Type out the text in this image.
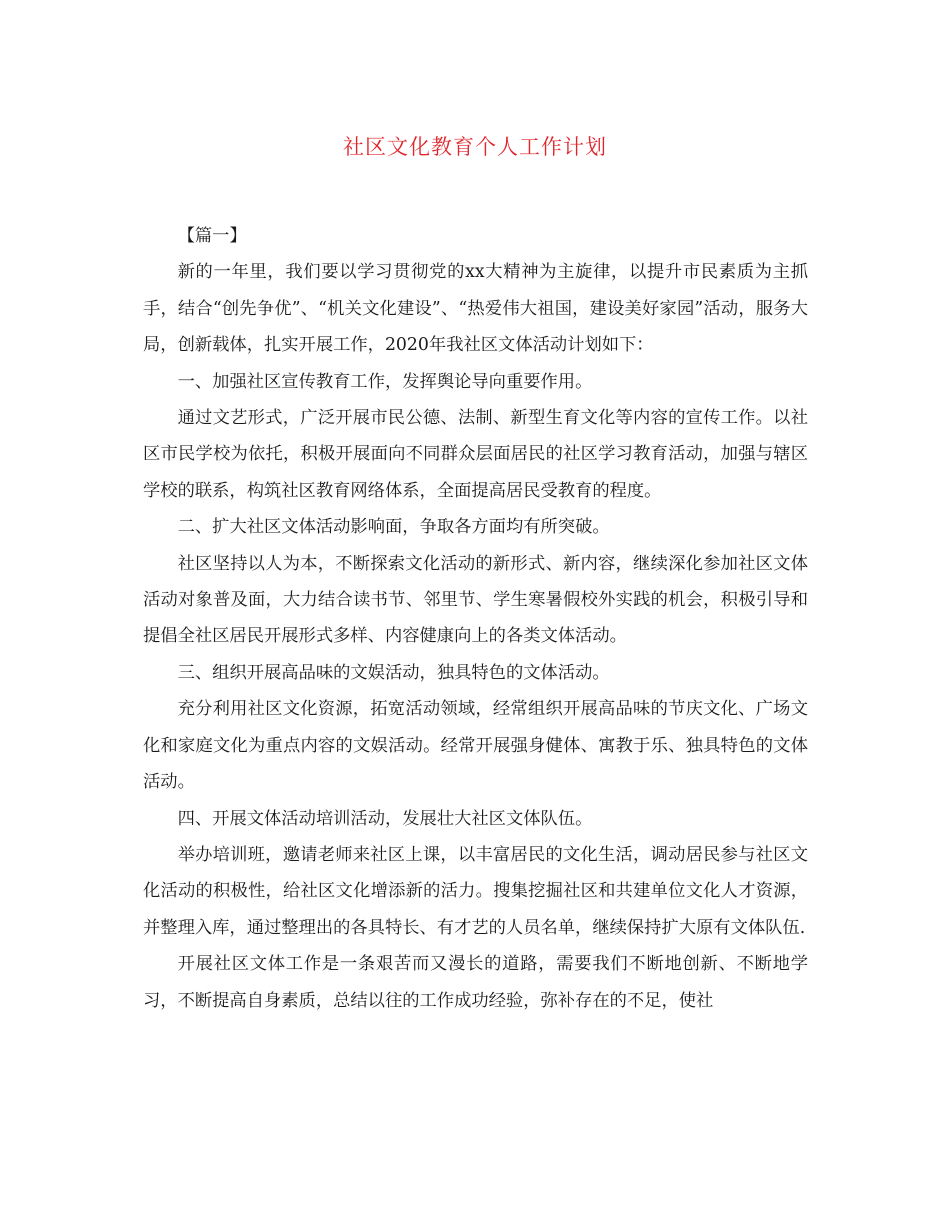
社区文化教育个人工作计划

【篇一】

新的一年里，我们要以学习贯彻党的xx大精神为主旋律，以提升市民素质为主抓手，结合“创先争优”、“机关文化建设”、“热爱伟大祖国，建设美好家园”活动，服务大局，创新载体，扎实开展工作，2020年我社区文体活动计划如下：

一、加强社区宣传教育工作，发挥舆论导向重要作用。

通过文艺形式，广泛开展市民公德、法制、新型生育文化等内容的宣传工作。以社区市民学校为依托，积极开展面向不同群众层面居民的社区学习教育活动，加强与辖区学校的联系，构筑社区教育网络体系，全面提高居民受教育的程度。

二、扩大社区文体活动影响面，争取各方面均有所突破。

社区坚持以人为本，不断探索文化活动的新形式、新内容，继续深化参加社区文体活动对象普及面，大力结合读书节、邻里节、学生寒暑假校外实践的机会，积极引导和提倡全社区居民开展形式多样、内容健康向上的各类文体活动。

三、组织开展高品味的文娱活动，独具特色的文体活动。

充分利用社区文化资源，拓宽活动领域，经常组织开展高品味的节庆文化、广场文化和家庭文化为重点内容的文娱活动。经常开展强身健体、寓教于乐、独具特色的文体活动。

四、开展文体活动培训活动，发展壮大社区文体队伍。

举办培训班，邀请老师来社区上课，以丰富居民的文化生活，调动居民参与社区文化活动的积极性，给社区文化增添新的活力。搜集挖掘社区和共建单位文化人才资源，并整理入库，通过整理出的各具特长、有才艺的人员名单，继续保持扩大原有文体队伍.

开展社区文体工作是一条艰苦而又漫长的道路，需要我们不断地创新、不断地学习，不断提高自身素质，总结以往的工作成功经验，弥补存在的不足，使社
